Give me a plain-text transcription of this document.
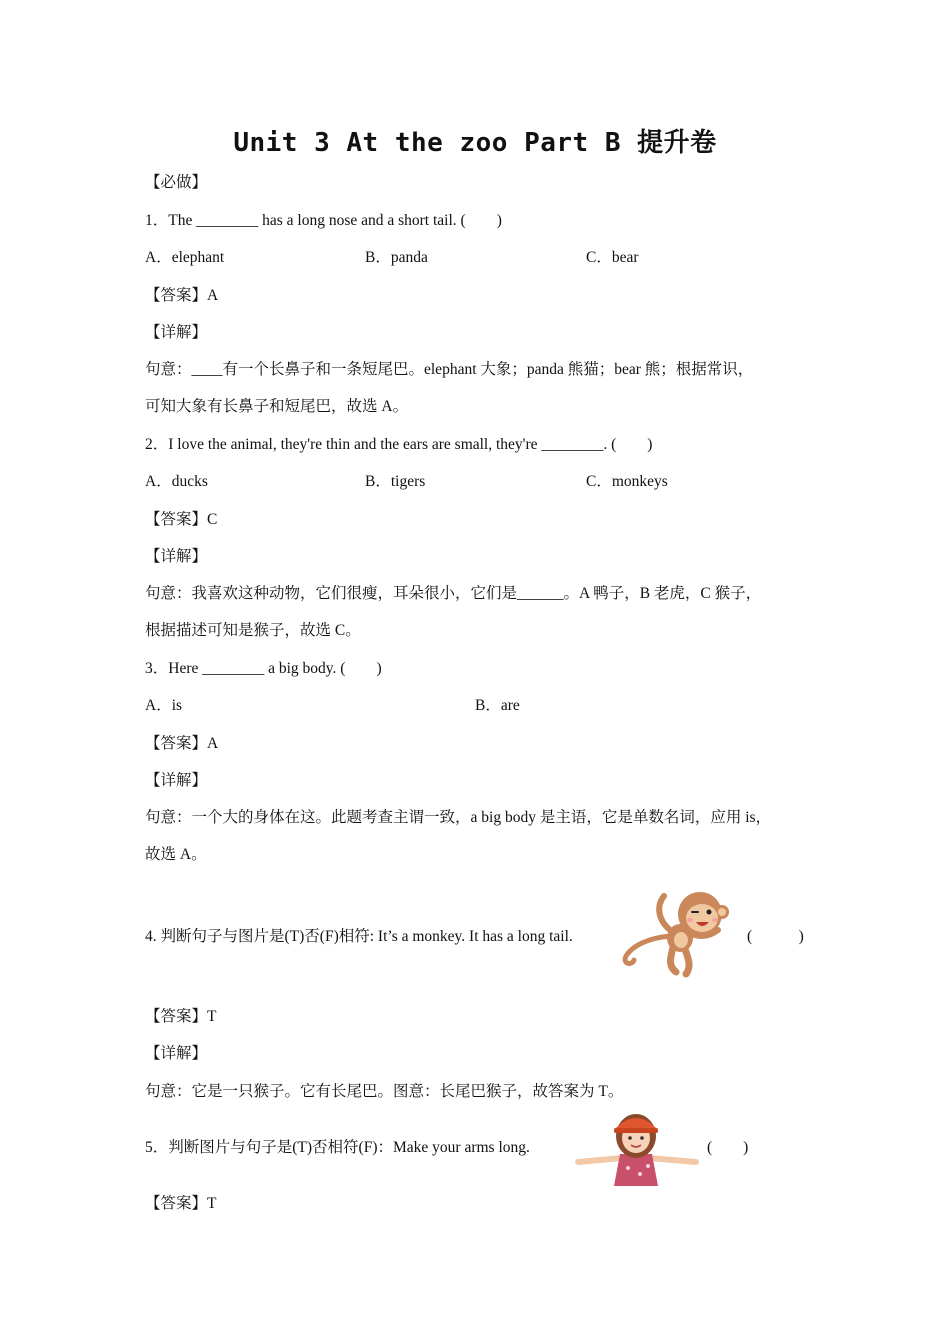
Unit 3 At the zoo Part B 提升卷
【必做】
1．The ________ has a long nose and a short tail. (　　)
A．elephant	B．panda	C．bear
【答案】A
【详解】
句意：____有一个长鼻子和一条短尾巴。elephant 大象；panda 熊猫；bear 熊；根据常识，
可知大象有长鼻子和短尾巴，故选 A。
2．I love the animal, they're thin and the ears are small, they're ________. (　　)
A．ducks	B．tigers	C．monkeys
【答案】C
【详解】
句意：我喜欢这种动物，它们很瘦，耳朵很小，它们是______。A 鸭子，B 老虎，C 猴子，
根据描述可知是猴子，故选 C。
3．Here ________ a big body. (　　)
A．is	B．are
【答案】A
【详解】
句意：一个大的身体在这。此题考查主谓一致，a big body 是主语，它是单数名词，应用 is，
故选 A。
4. 判断句子与图片是(T)否(F)相符: It’s a monkey. It has a long tail.	(　　　)
【答案】T
【详解】
句意：它是一只猴子。它有长尾巴。图意：长尾巴猴子，故答案为 T。
5．判断图片与句子是(T)否相符(F)：Make your arms long.	(　　)
【答案】T
